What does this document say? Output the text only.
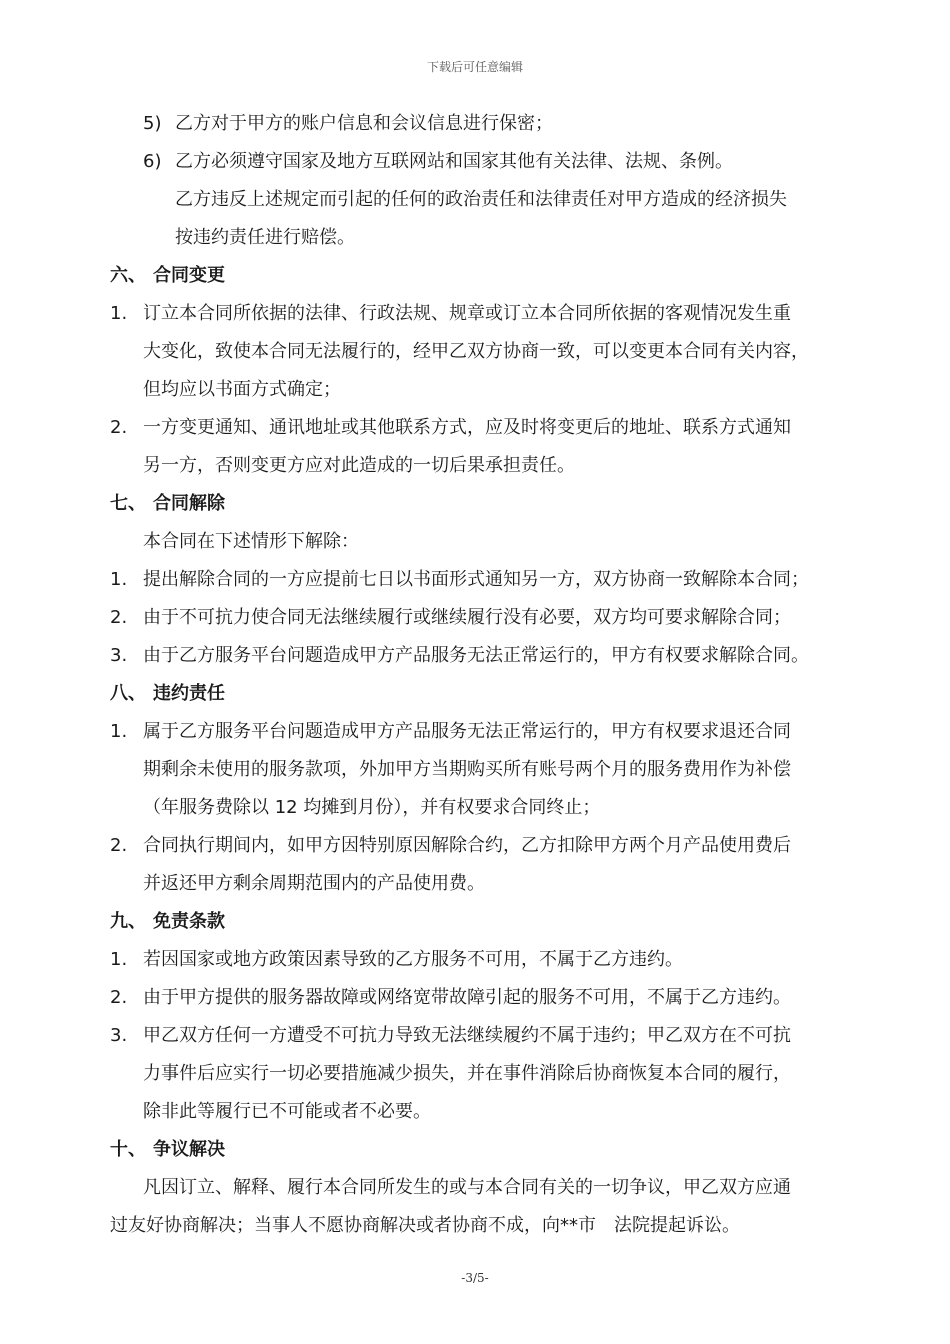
下载后可任意编辑
5) 乙方对于甲方的账户信息和会议信息进行保密；
6) 乙方必须遵守国家及地方互联网站和国家其他有关法律、法规、条例。
乙方违反上述规定而引起的任何的政治责任和法律责任对甲方造成的经济损失
按违约责任进行赔偿。
六、 合同变更
1. 订立本合同所依据的法律、行政法规、规章或订立本合同所依据的客观情况发生重
大变化，致使本合同无法履行的，经甲乙双方协商一致，可以变更本合同有关内容，
但均应以书面方式确定；
2. 一方变更通知、通讯地址或其他联系方式，应及时将变更后的地址、联系方式通知
另一方，否则变更方应对此造成的一切后果承担责任。
七、 合同解除
本合同在下述情形下解除：
1. 提出解除合同的一方应提前七日以书面形式通知另一方，双方协商一致解除本合同；
2. 由于不可抗力使合同无法继续履行或继续履行没有必要，双方均可要求解除合同；
3. 由于乙方服务平台问题造成甲方产品服务无法正常运行的，甲方有权要求解除合同。
八、 违约责任
1. 属于乙方服务平台问题造成甲方产品服务无法正常运行的，甲方有权要求退还合同
期剩余未使用的服务款项，外加甲方当期购买所有账号两个月的服务费用作为补偿
（年服务费除以 12 均摊到月份），并有权要求合同终止；
2. 合同执行期间内，如甲方因特别原因解除合约，乙方扣除甲方两个月产品使用费后
并返还甲方剩余周期范围内的产品使用费。
九、 免责条款
1. 若因国家或地方政策因素导致的乙方服务不可用，不属于乙方违约。
2. 由于甲方提供的服务器故障或网络宽带故障引起的服务不可用，不属于乙方违约。
3. 甲乙双方任何一方遭受不可抗力导致无法继续履约不属于违约；甲乙双方在不可抗
力事件后应实行一切必要措施减少损失，并在事件消除后协商恢复本合同的履行，
除非此等履行已不可能或者不必要。
十、 争议解决
凡因订立、解释、履行本合同所发生的或与本合同有关的一切争议，甲乙双方应通
过友好协商解决；当事人不愿协商解决或者协商不成，向**市　法院提起诉讼。
-3/5-
